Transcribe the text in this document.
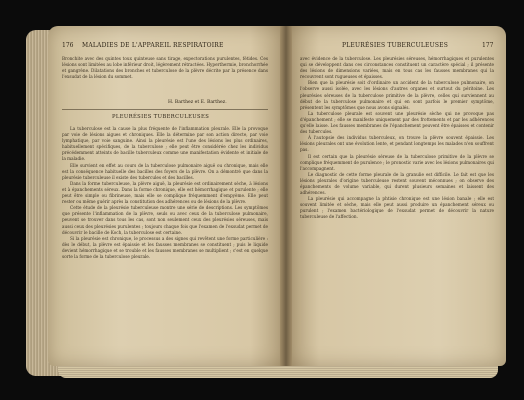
176 MALADIES DE L'APPAREIL RESPIRATOIRE

Bronchite avec des quintes toux quinteuse sans tirage, expectorations purulentes, fétides. Ces lésions sont limitées au lobe inférieur droit, légèrement rétractées. Hyperthermie, bronchorrhée et gangrène. Dilatations des bronches et tuberculose de la plèvre décrite par la présence dans l'exsudat de la lésion du sommet.

H. Barthez et E. Barthez.
PLEURÉSIES TUBERCULEUSES

La tuberculose est la cause la plus fréquente de l'inflammation pleurale. Elle la provoque par voie de lésions aigues et chroniques. Elle la détermine par son action directe, par voie lymphatique, par voie sanguine. Ainsi la pleurésie est l'une des lésions les plus ordinaires, habituellement spécifiques, de la tuberculose ; elle peut être considérée chez les individus précédemment atteints de bacille tuberculeux comme une manifestation évidente et initiale de la maladie.

Elle survient en effet au cours de la tuberculose pulmonaire aiguë ou chronique, mais elle est la conséquence habituelle des bacilles des foyers de la plèvre. On a démontré que dans la pleurésie tuberculeuse il existe des tubercules et des bacilles.

Dans la forme tuberculeuse, la plèvre aiguë, la pleurésie est ordinairement sèche, à lésions et à épanchements séreux. Dans la forme chronique, elle est hémorrhagique et purulente ; elle peut être simple ou fibrineuse, mais elle se complique fréquemment d'empyème. Elle peut rester ou même guérir après la constitution des adhérences ou de lésions de la plèvre.

Cette étude de la pleurésie tuberculeuse montre une série de descriptions. Les symptômes que présente l'inflammation de la plèvre, seuls ou avec ceux de la tuberculose pulmonaire, peuvent se trouver dans tous les cas, sont non seulement ceux des pleurésies séreuses, mais aussi ceux des pleurésies purulentes ; toujours chaque fois que l'examen de l'exsudat permet de découvrir le bacille de Koch, la tuberculose est certaine.

Si la pleurésie est chronique, le processus a des signes qui revêtent une forme particulière : dès le début, la plèvre est épaissie et les fausses membranes se constituent ; puis le liquide devient hémorrhagique et se trouble et les fausses membranes se multiplient ; c'est en quelque sorte la forme de la tuberculose pleurale.

PLEURÉSIES TUBERCULEUSES	177

avec évidence de la tuberculose. Les pleurésies séreuses, hémorrhagiques et purulentes qui se développent dans ces circonstances constituent un caractère spécial ; il présente des lésions de dimensions variées, mais en tous cas les fausses membranes qui la recouvrent sont rugueuses et épaisses.

Bien que la pleurésie soit d'ordinaire un accident de la tuberculose pulmonaire, on l'observe aussi isolée, avec les lésions d'autres organes et surtout du péritoine. Les pleurésies séreuses de la tuberculose primitive de la plèvre, celles qui surviennent au début de la tuberculose pulmonaire et qui en sont parfois le premier symptôme, présentent les symptômes que nous avons signalés.

La tuberculose pleurale est souvent une pleurésie sèche qui ne provoque pas d'épanchement ; elle se manifeste uniquement par des frottements et par les adhérences qu'elle laisse. Les fausses membranes de l'épanchement peuvent être épaisses et contenir des tubercules.

À l'autopsie des individus tuberculeux, on trouve la plèvre souvent épaissie. Les lésions pleurales ont une évolution lente, et pendant longtemps les malades n'en souffrent pas.

Il est certain que la pleurésie séreuse de la tuberculose primitive de la plèvre se complique fréquemment de purulence ; le pronostic varie avec les lésions pulmonaires qui l'accompagnent.

Le diagnostic de cette forme pleurale de la granulie est difficile. Le fait est que les lésions pleurales d'origine tuberculeuse restent souvent méconnues ; on observe des épanchements de volume variable, qui durent plusieurs semaines et laissent des adhérences.

La pleurésie qui accompagne la phtisie chronique est une lésion banale ; elle est souvent limitée et sèche, mais elle peut aussi produire un épanchement séreux ou purulent ; l'examen bactériologique de l'exsudat permet de découvrir la nature tuberculeuse de l'affection.
